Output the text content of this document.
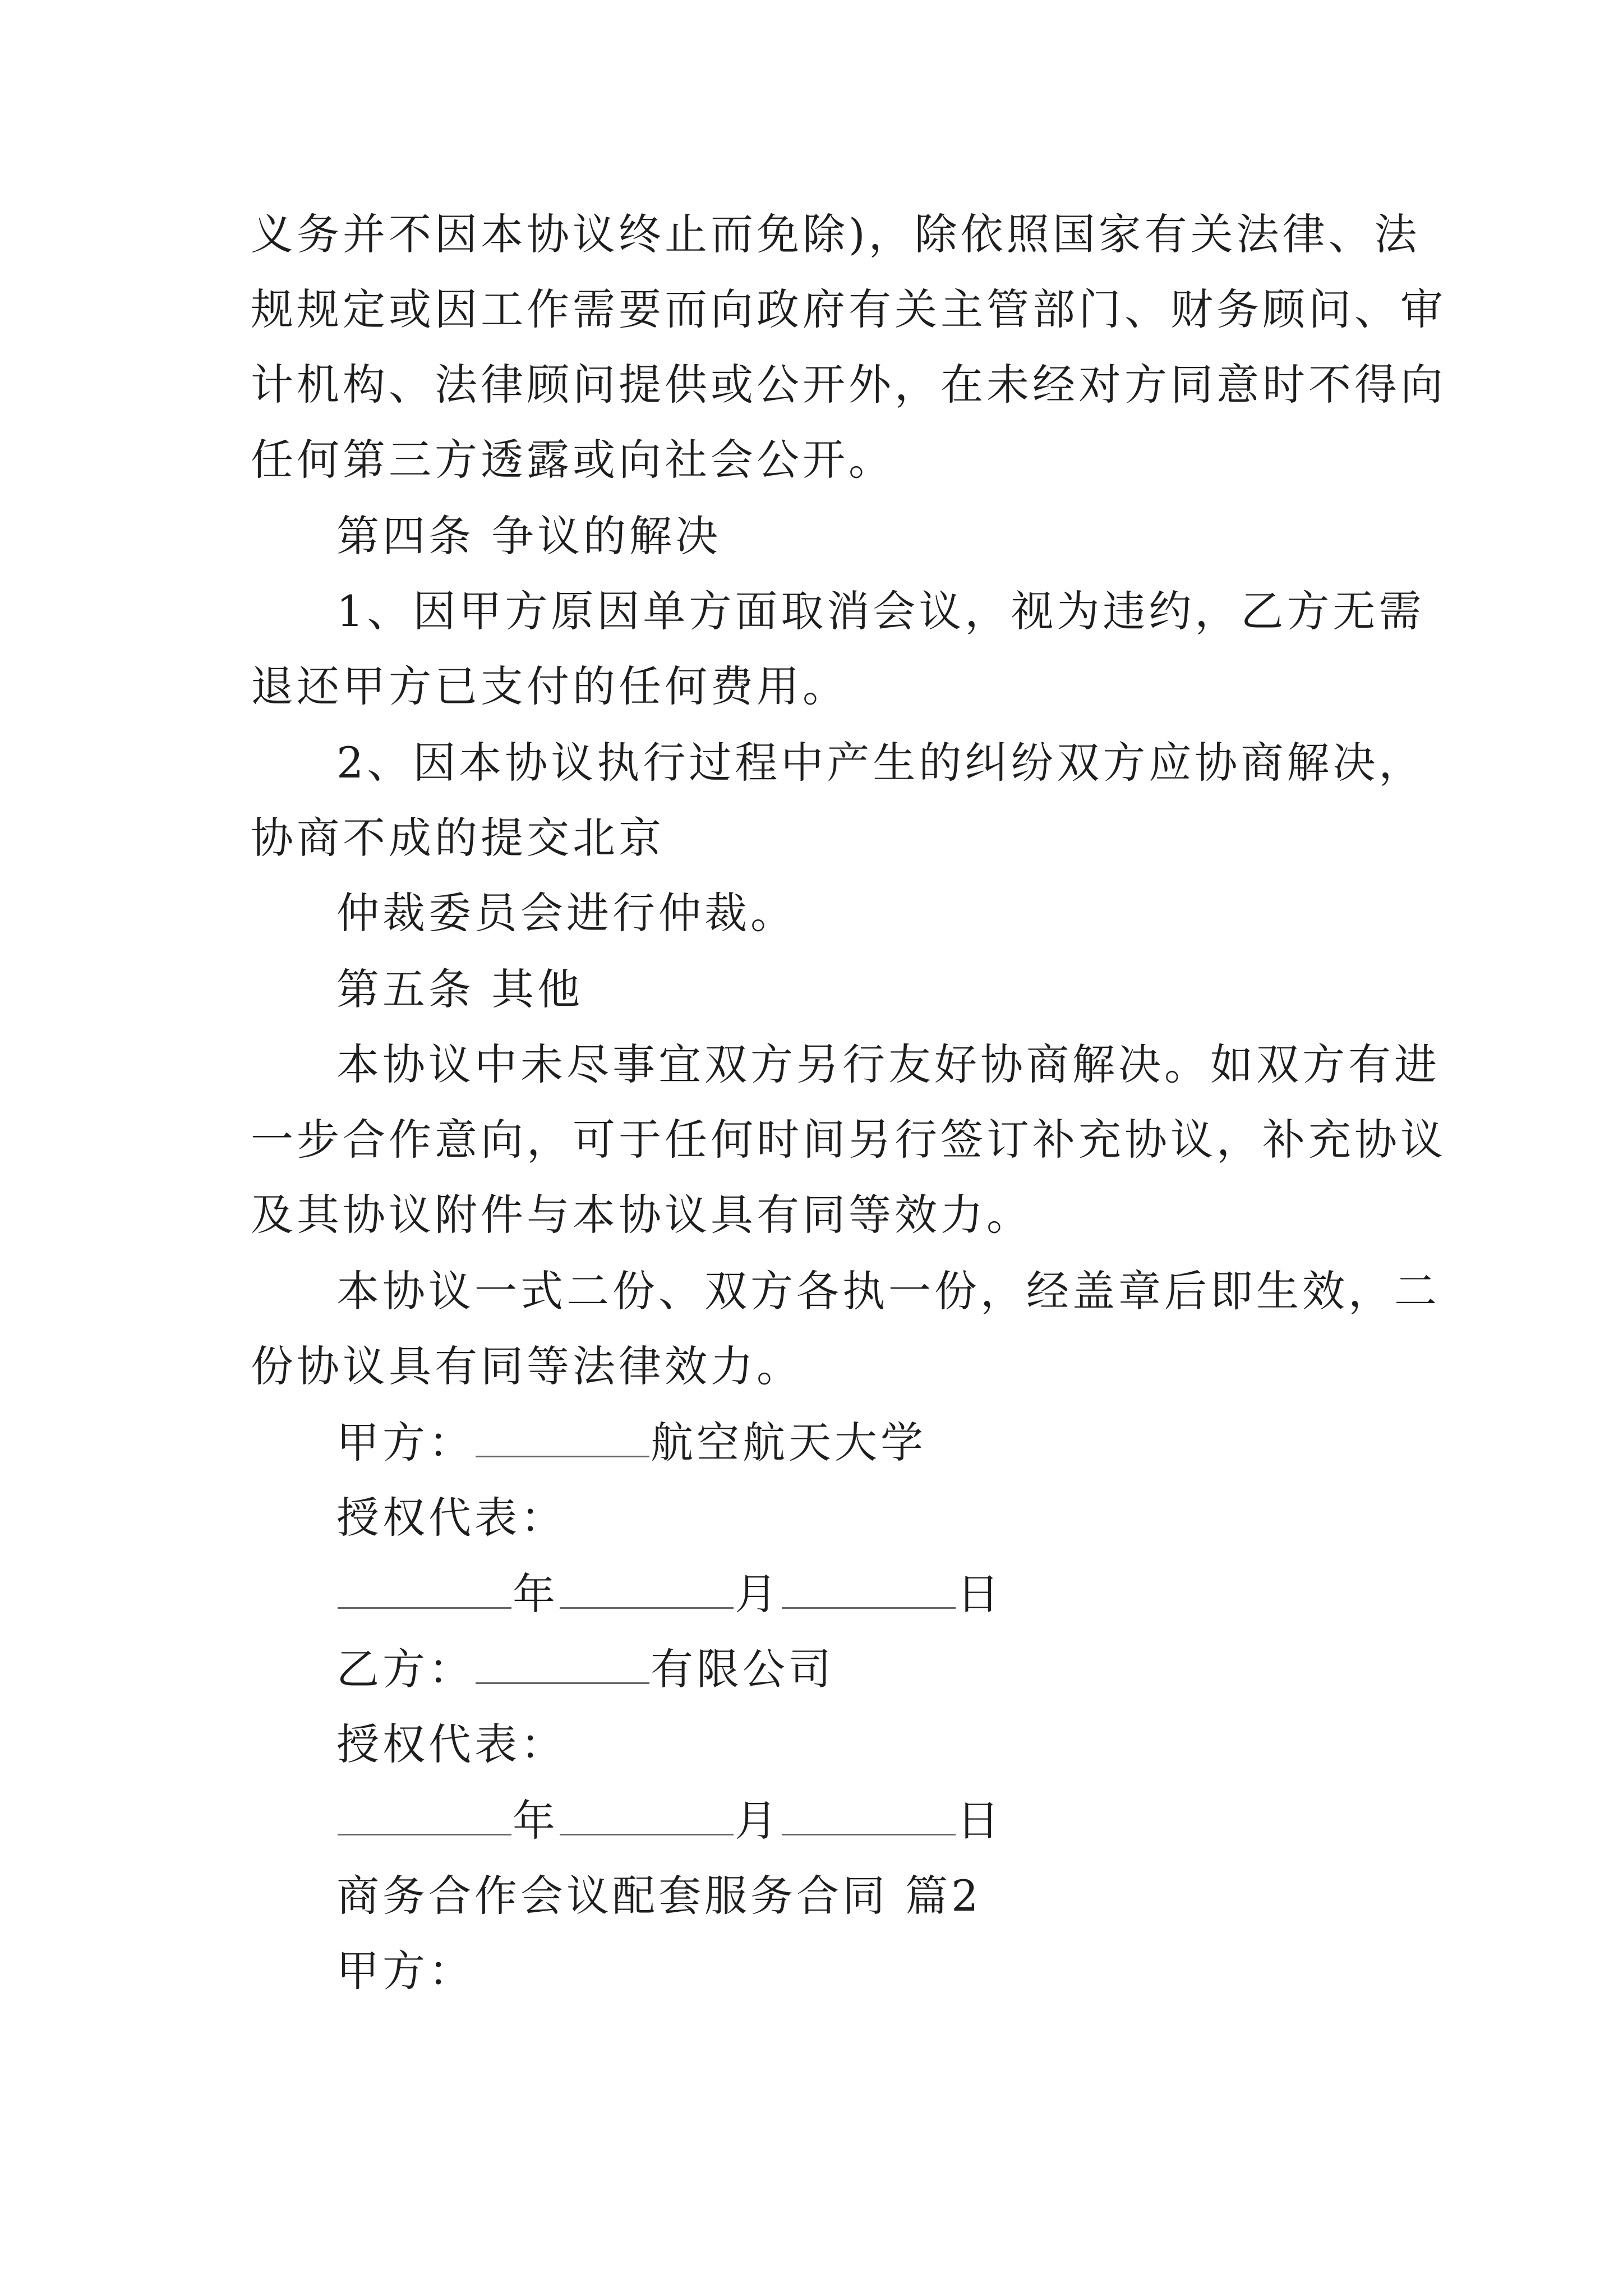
义务并不因本协议终止而免除)，除依照国家有关法律、法

规规定或因工作需要而向政府有关主管部门、财务顾问、审

计机构、法律顾问提供或公开外，在未经对方同意时不得向

任何第三方透露或向社会公开。

第四条 争议的解决

1、因甲方原因单方面取消会议，视为违约，乙方无需

退还甲方已支付的任何费用。

2、因本协议执行过程中产生的纠纷双方应协商解决，

协商不成的提交北京

仲裁委员会进行仲裁。

第五条 其他

本协议中未尽事宜双方另行友好协商解决。如双方有进

一步合作意向，可于任何时间另行签订补充协议，补充协议

及其协议附件与本协议具有同等效力。

本协议一式二份、双方各执一份，经盖章后即生效，二

份协议具有同等法律效力。

甲方：	航空航天大学

授权代表：

年	月	日

乙方：	有限公司

授权代表：

年	月	日

商务合作会议配套服务合同 篇2

甲方：
